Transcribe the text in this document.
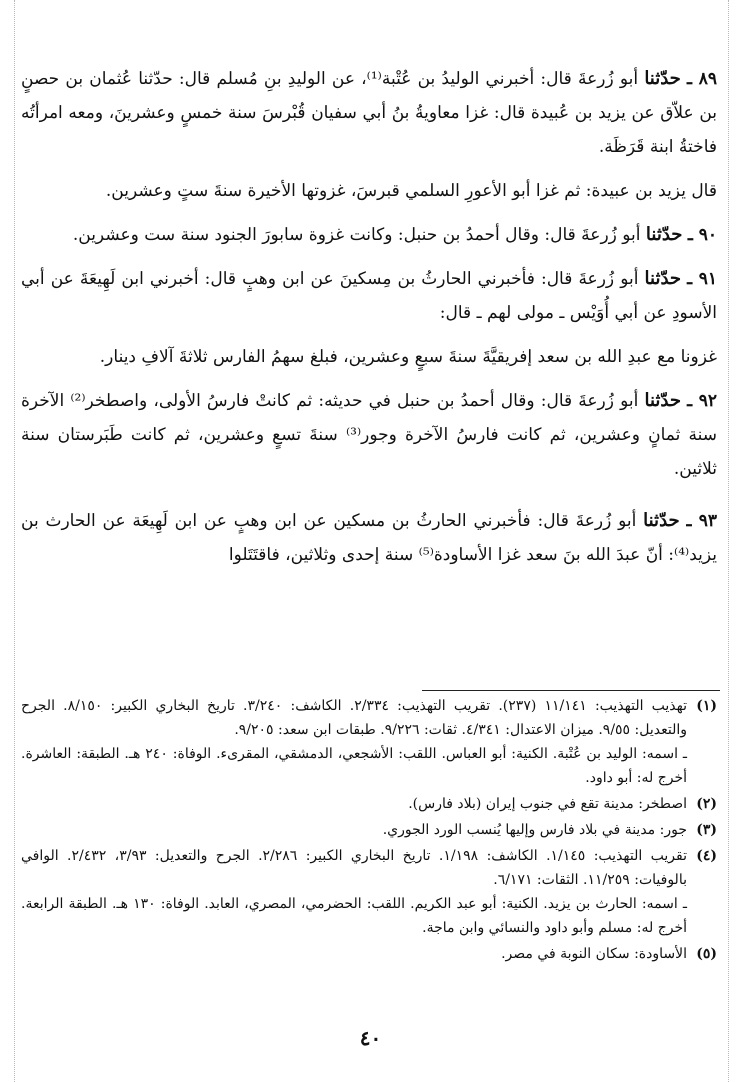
٨٩ ـ حدّثنا أبو زُرعةَ قال: أخبرني الوليدُ بن عُتْبة⁽¹⁾، عن الوليدِ بنِ مُسلم قال: حدّثنا عُثمان بن حصنٍ بن علاّق عن يزيد بن عُبيدة قال: غزا معاويةُ بنُ أبي سفيان قُبْرسَ سنة خمسٍ وعشرينَ، ومعه امرأتُه فاختةُ ابنة قَرَظَة.

قال يزيد بن عبيدة: ثم غزا أبو الأعورِ السلمي قبرسَ، غزوتها الأخيرة سنةَ ستٍ وعشرين.

٩٠ ـ حدّثنا أبو زُرعةَ قال: وقال أحمدُ بن حنبل: وكانت غزوة سابورَ الجنود سنة ست وعشرين.

٩١ ـ حدّثنا أبو زُرعةَ قال: فأخبرني الحارثُ بن مِسكينَ عن ابن وهبٍ قال: أخبرني ابن لَهِيعَةَ عن أبي الأسودِ عن أبي أُوَيْس ـ مولى لهم ـ قال:

غزونا مع عبدِ الله بن سعد إفريقيَّةَ سنةَ سبعٍ وعشرين، فبلغ سهمُ الفارس ثلاثةَ آلافِ دينار.

٩٢ ـ حدّثنا أبو زُرعةَ قال: وقال أحمدُ بن حنبل في حديثه: ثم كانتْ فارسُ الأولى، واصطخر⁽²⁾ الآخرة سنة ثمانٍ وعشرين، ثم كانت فارسُ الآخرة وجور⁽³⁾ سنةَ تسعٍ وعشرين، ثم كانت طَبَرستان سنة ثلاثين.

٩٣ ـ حدّثنا أبو زُرعةَ قال: فأخبرني الحارثُ بن مسكين عن ابن وهبٍ عن ابن لَهِيعَة عن الحارث بن يزيد⁽⁴⁾: أنّ عبدَ الله بنَ سعد غزا الأساودة⁽⁵⁾ سنة إحدى وثلاثين، فاقتَتَلوا

(١)
تهذيب التهذيب: ١١/١٤١ (٢٣٧). تقريب التهذيب: ٢/٣٣٤. الكاشف: ٣/٢٤٠. تاريخ البخاري الكبير: ٨/١٥٠. الجرح والتعديل: ٩/٥٥. ميزان الاعتدال: ٤/٣٤١. ثقات: ٩/٢٢٦. طبقات ابن سعد: ٩/٢٠٥.
ـ اسمه: الوليد بن عُتْبة. الكنية: أبو العباس. اللقب: الأشجعي، الدمشقي، المقرىء. الوفاة: ٢٤٠ هـ. الطبقة: العاشرة. أخرج له: أبو داود.
(٢)
اصطخر: مدينة تقع في جنوب إيران (بلاد فارس).
(٣)
جور: مدينة في بلاد فارس وإليها يُنسب الورد الجوري.
(٤)
تقريب التهذيب: ١/١٤٥. الكاشف: ١/١٩٨. تاريخ البخاري الكبير: ٢/٢٨٦. الجرح والتعديل: ٣/٩٣، ٢/٤٣٢. الوافي بالوفيات: ١١/٢٥٩. الثقات: ٦/١٧١.
ـ اسمه: الحارث بن يزيد. الكنية: أبو عبد الكريم. اللقب: الحضرمي، المصري، العابد. الوفاة: ١٣٠ هـ. الطبقة الرابعة. أخرج له: مسلم وأبو داود والنسائي وابن ماجة.
(٥)
الأساودة: سكان النوبة في مصر.
٤٠
